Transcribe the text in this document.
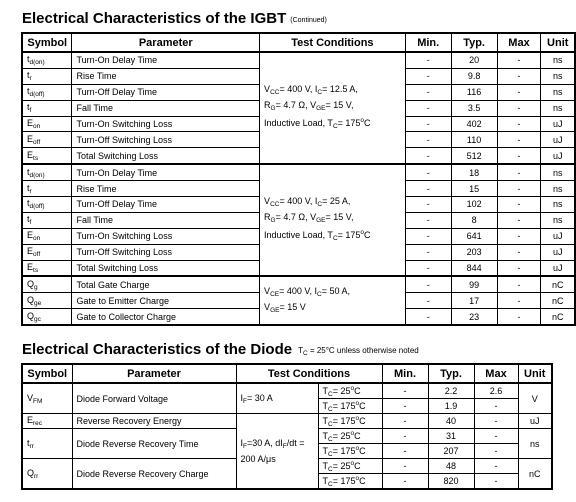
Electrical Characteristics of the IGBT (Continued)
Symbol	Parameter	Test Conditions	Min.	Typ.	Max	Unit
$t_{d(on)}$	Turn-On Delay Time	$V_{CC}= 400$ V, $I_C= 12.5$ A,
$R_G= 4.7$ Ω, $V_{GE}= 15$ V,
Inductive Load, $T_C= 175^oC$	-	20	-	ns
$t_r$	Rise Time		-	9.8	-	ns
$t_{d(off)}$	Turn-Off Delay Time		-	116	-	ns
$t_f$	Fall Time		-	3.5	-	ns
$E_{on}$	Turn-On Switching Loss		-	402	-	uJ
$E_{off}$	Turn-Off Switching Loss		-	110	-	uJ
$E_{ts}$	Total Switching Loss		-	512	-	uJ
$t_{d(on)}$	Turn-On Delay Time	$V_{CC}= 400$ V, $I_C= 25$ A,
$R_G= 4.7$ Ω, $V_{GE}= 15$ V,
Inductive Load, $T_C= 175^oC$	-	18	-	ns
$t_r$	Rise Time		-	15	-	ns
$t_{d(off)}$	Turn-Off Delay Time		-	102	-	ns
$t_f$	Fall Time		-	8	-	ns
$E_{on}$	Turn-On Switching Loss		-	641	-	uJ
$E_{off}$	Turn-Off Switching Loss		-	203	-	uJ
$E_{ts}$	Total Switching Loss		-	844	-	uJ
$Q_g$	Total Gate Charge	$V_{CE}= 400$ V, $I_C= 50$ A,
$V_{GE}= 15$ V	-	99	-	nC
$Q_{ge}$	Gate to Emitter Charge		-	17	-	nC
$Q_{gc}$	Gate to Collector Charge		-	23	-	nC
Electrical Characteristics of the Diode $T_C = 25^\circ C$ unless otherwise noted
Symbol	Parameter	Test Conditions		Min.	Typ.	Max	Unit
$V_{FM}$	Diode Forward Voltage	$I_F= 30$ A	$T_C= 25^oC$	-	2.2	2.6	V
			$T_C= 175^oC$	-	1.9	-	
$E_{rec}$	Reverse Recovery Energy	$I_F=30$ A, $dI_F/dt$ =
200 A/μs	$T_C= 175^oC$	-	40	-	uJ
$t_{rr}$	Diode Reverse Recovery Time		$T_C= 25^oC$	-	31	-	ns
			$T_C= 175^oC$	-	207	-	
$Q_{rr}$	Diode Reverse Recovery Charge		$T_C= 25^oC$	-	48	-	nC
			$T_C= 175^oC$	-	820	-	
